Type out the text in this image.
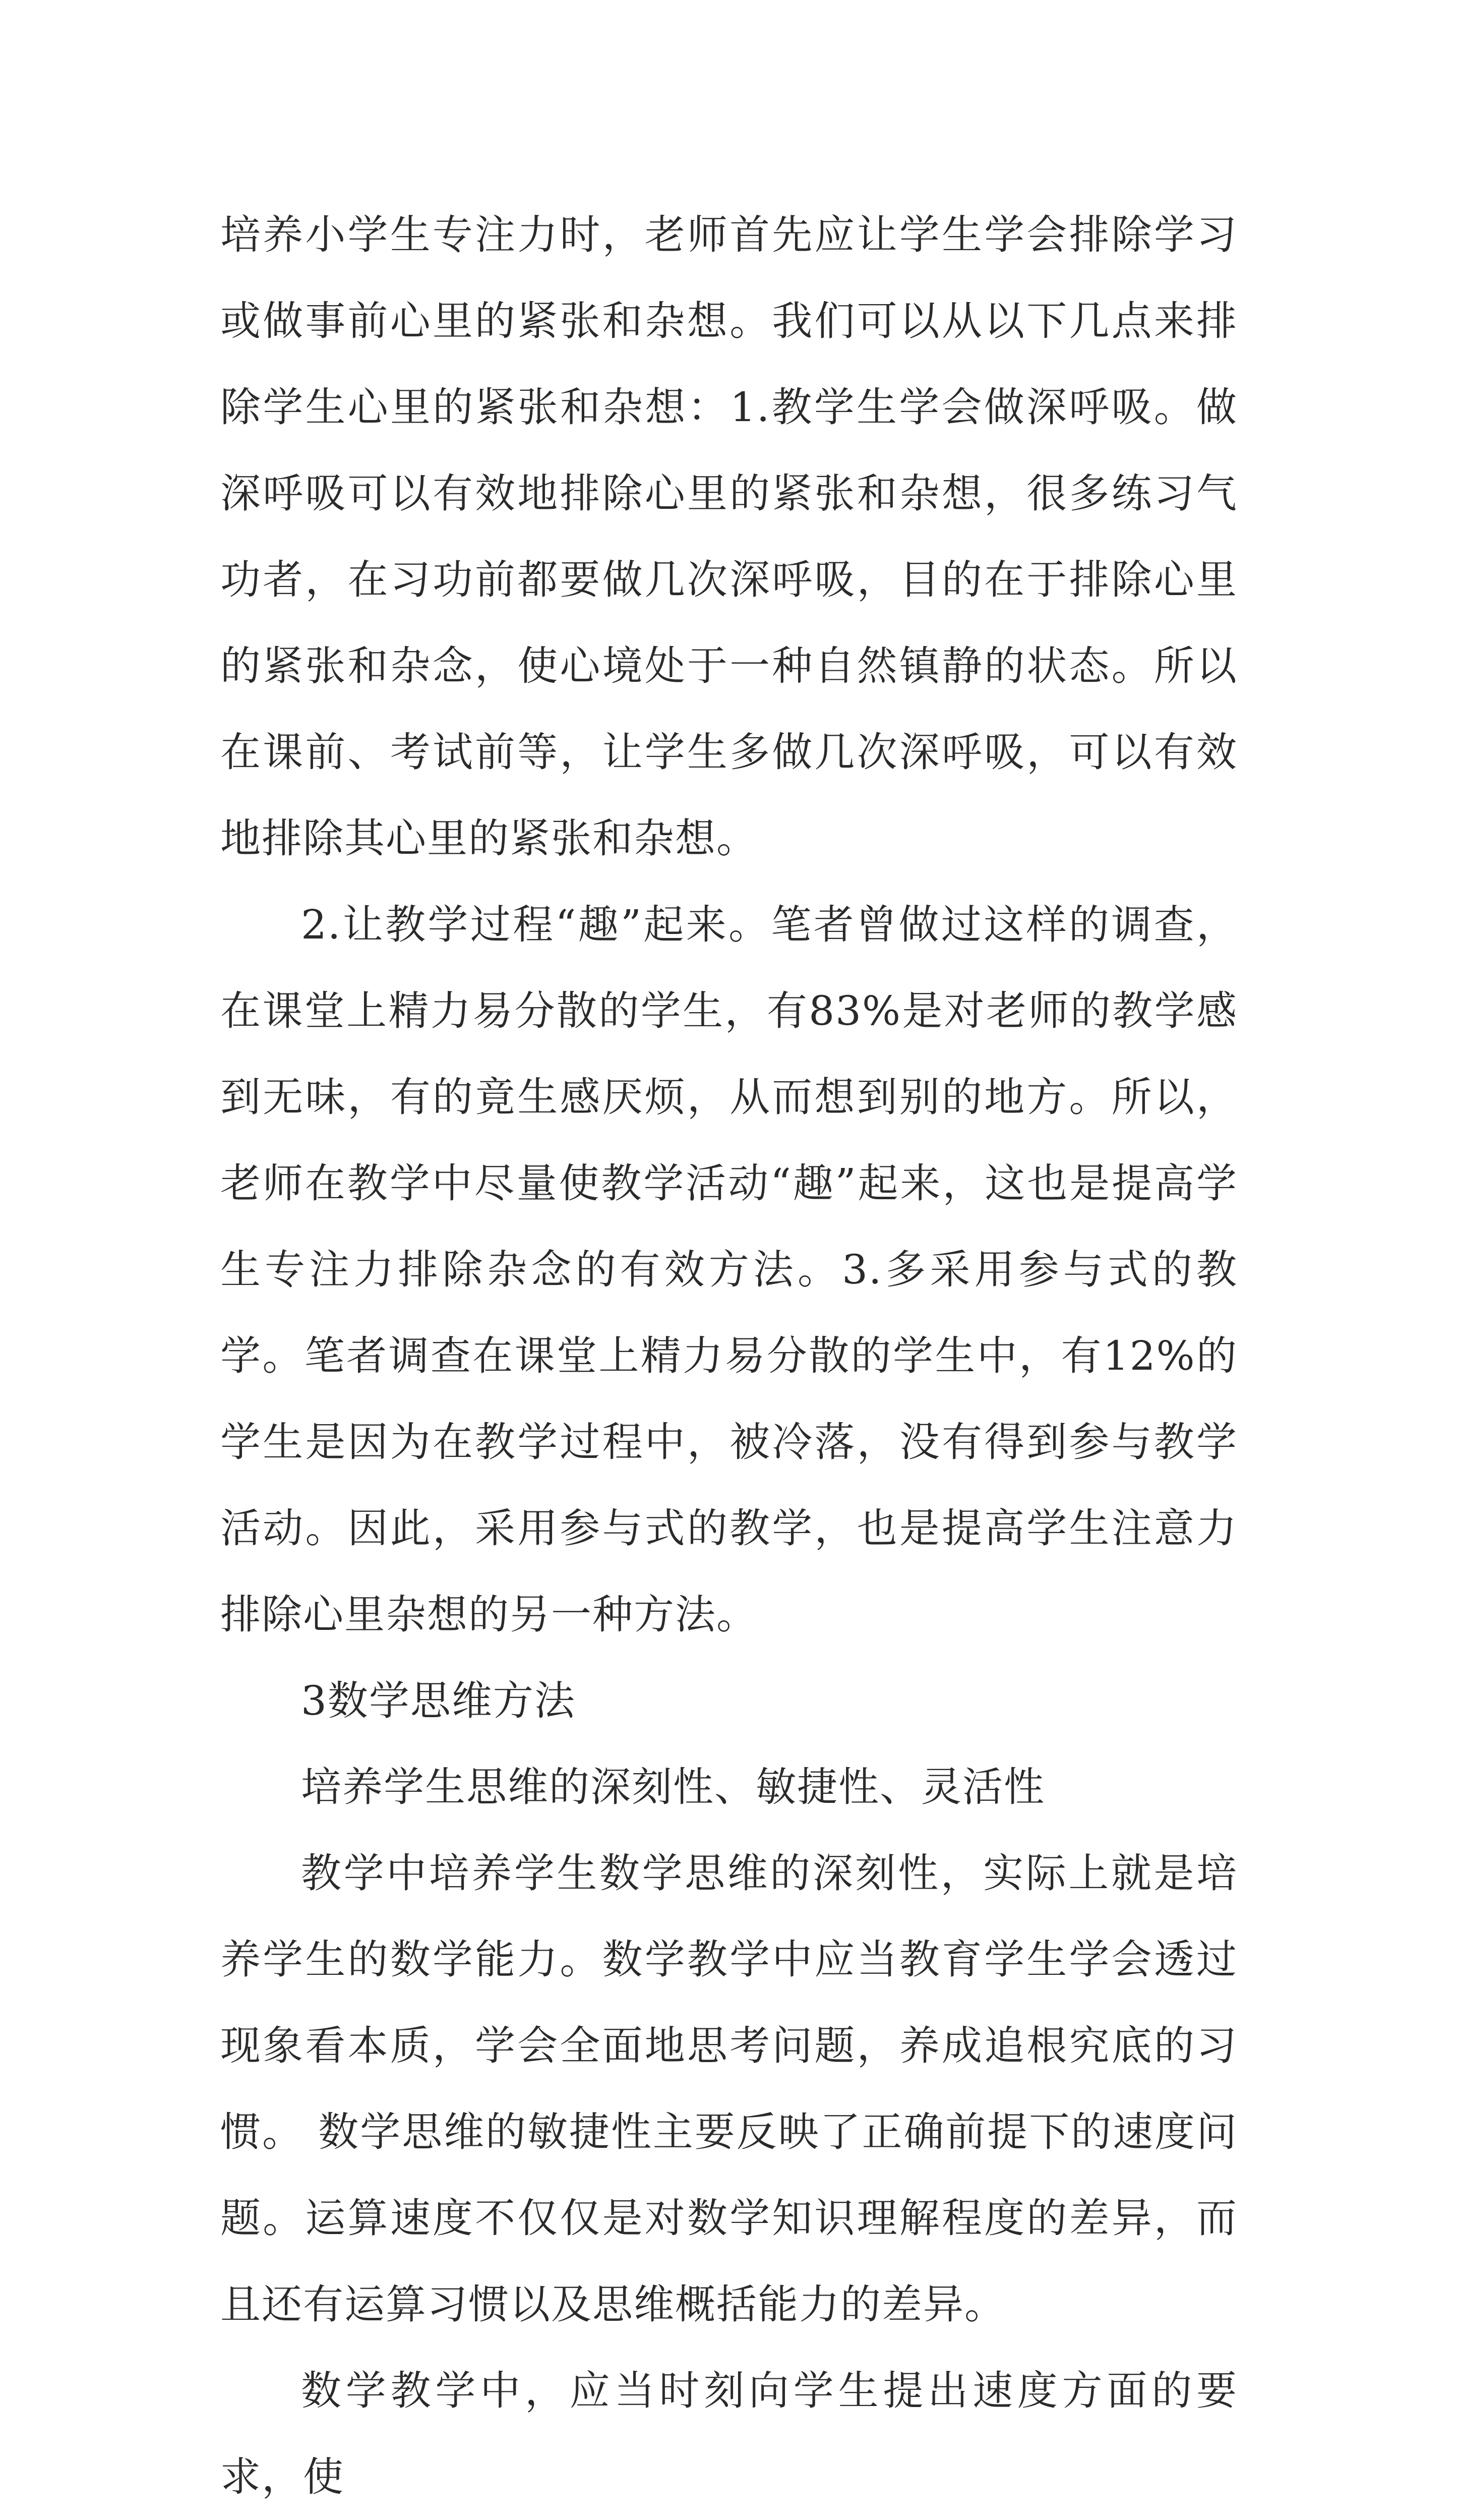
培养小学生专注力时，老师首先应让学生学会排除学习或做事前心里的紧张和杂想。我们可以从以下几点来排除学生心里的紧张和杂想：1.教学生学会做深呼吸。做深呼吸可以有效地排除心里的紧张和杂想，很多练习气功者，在习功前都要做几次深呼吸，目的在于排除心里的紧张和杂念，使心境处于一种自然镇静的状态。所以在课前、考试前等，让学生多做几次深呼吸，可以有效地排除其心里的紧张和杂想。

2.让教学过程“趣”起来。笔者曾做过这样的调查，在课堂上精力易分散的学生，有83%是对老师的教学感到无味，有的竟生感厌烦，从而想到别的地方。所以，老师在教学中尽量使教学活动“趣”起来，这也是提高学生专注力排除杂念的有效方法。3.多采用参与式的教学。笔者调查在课堂上精力易分散的学生中，有12%的学生是因为在教学过程中，被冷落，没有得到参与教学活动。因此，采用参与式的教学，也是提高学生注意力排除心里杂想的另一种方法。

3数学思维方法

培养学生思维的深刻性、敏捷性、灵活性

教学中培养学生数学思维的深刻性，实际上就是培养学生的数学能力。数学教学中应当教育学生学会透过现象看本质，学会全面地思考问题，养成追根究底的习惯。 数学思维的敏捷性主要反映了正确前提下的速度问题。运算速度不仅仅是对数学知识理解程度的差异，而且还有运算习惯以及思维概括能力的差异。

数学教学中，应当时刻向学生提出速度方面的要求，使
